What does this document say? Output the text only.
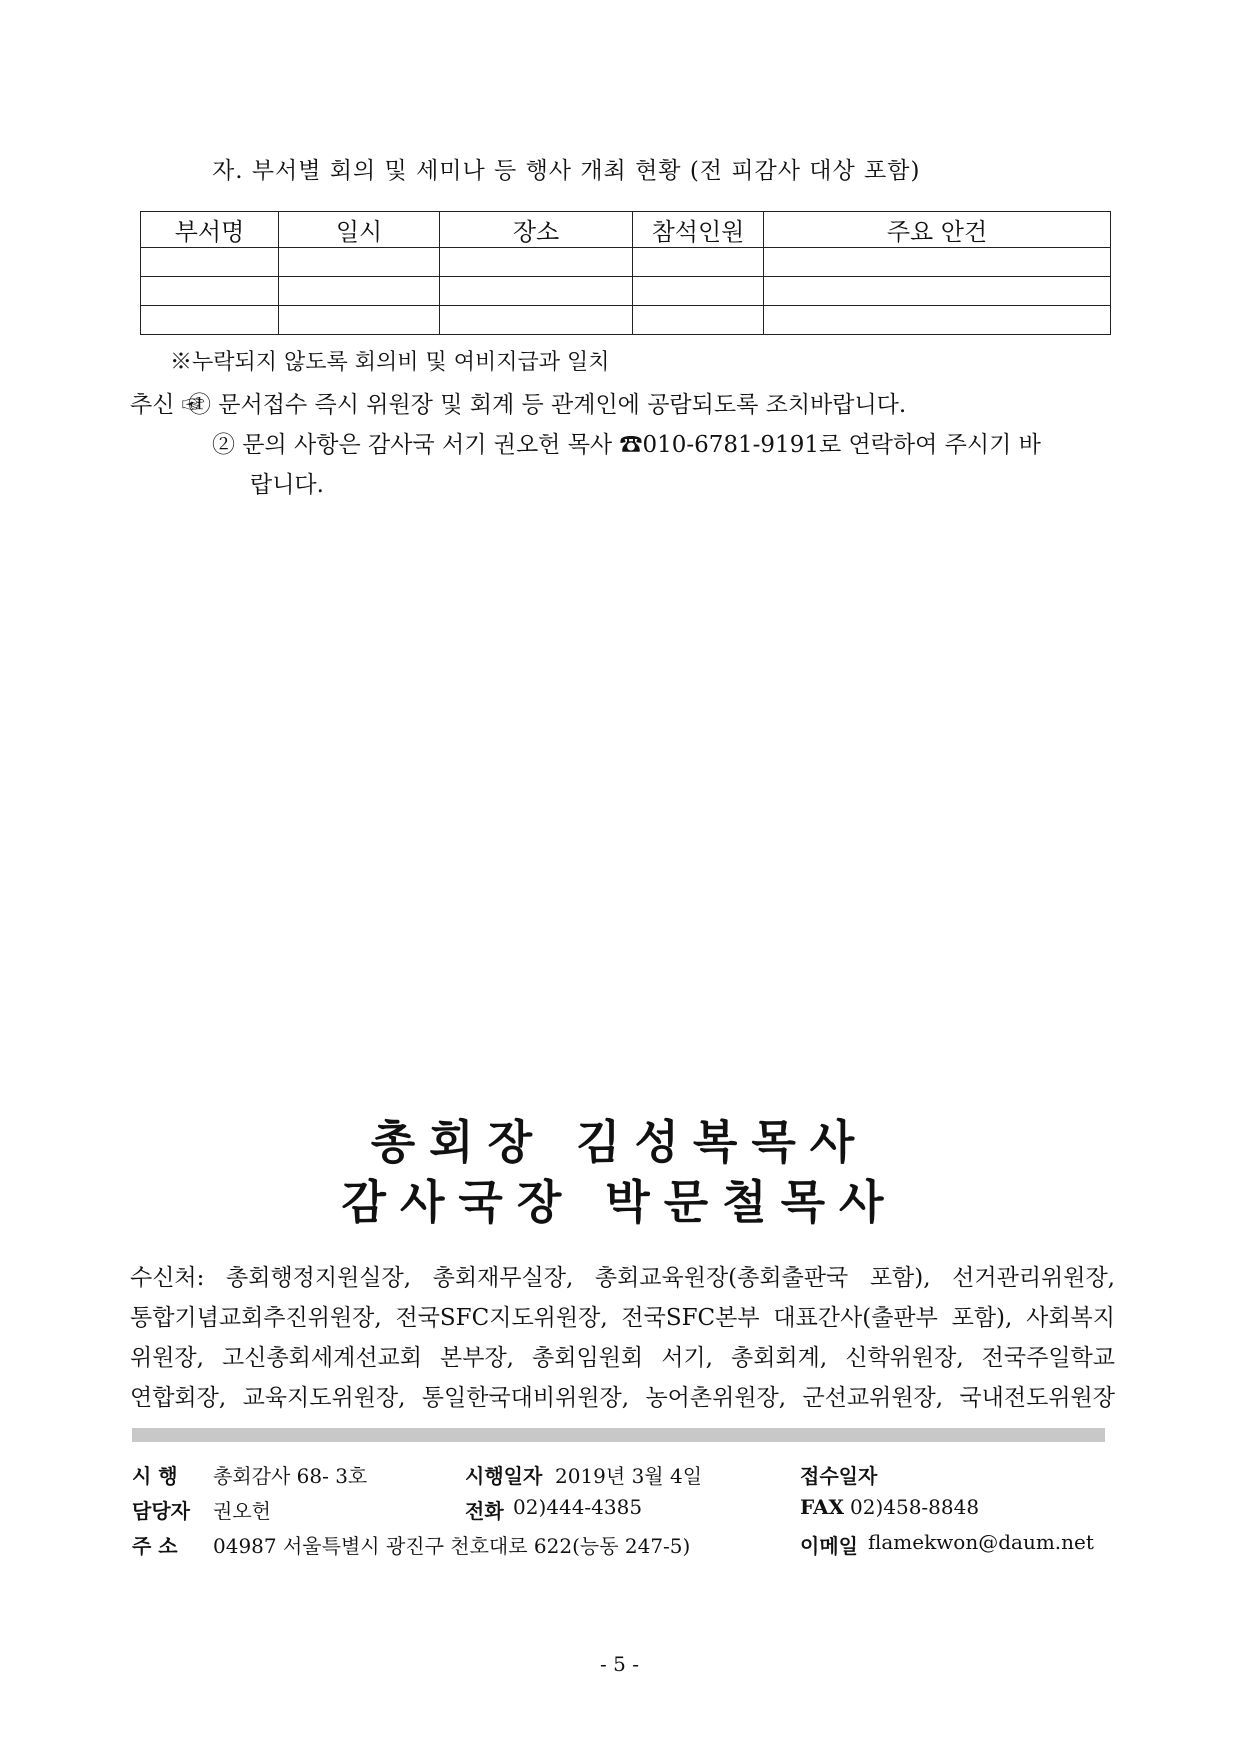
자. 부서별 회의 및 세미나 등 행사 개최 현황 (전 피감사 대상 포함)
부서명	일시	장소	참석인원	주요 안건

※누락되지 않도록 회의비 및 여비지급과 일치
추신 ☞
① 문서접수 즉시 위원장 및 회계 등 관계인에 공람되도록 조치바랍니다.
② 문의 사항은 감사국 서기 권오헌 목사 ☎010-6781-9191로 연락하여 주시기 바
랍니다.
총회장 김성복목사
감사국장 박문철목사
수신처: 총회행정지원실장, 총회재무실장, 총회교육원장(총회출판국 포함), 선거관리위원장,
통합기념교회추진위원장, 전국SFC지도위원장, 전국SFC본부 대표간사(출판부 포함), 사회복지
위원장, 고신총회세계선교회 본부장, 총회임원회 서기, 총회회계, 신학위원장, 전국주일학교
연합회장, 교육지도위원장, 통일한국대비위원장, 농어촌위원장, 군선교위원장, 국내전도위원장
시 행 총회감사 68- 3호	시행일자 2019년 3월 4일	접수일자
담당자 권오헌	전화 02)444-4385	FAX 02)458-8848
주 소 04987 서울특별시 광진구 천호대로 622(능동 247-5)	이메일 flamekwon@daum.net
- 5 -
